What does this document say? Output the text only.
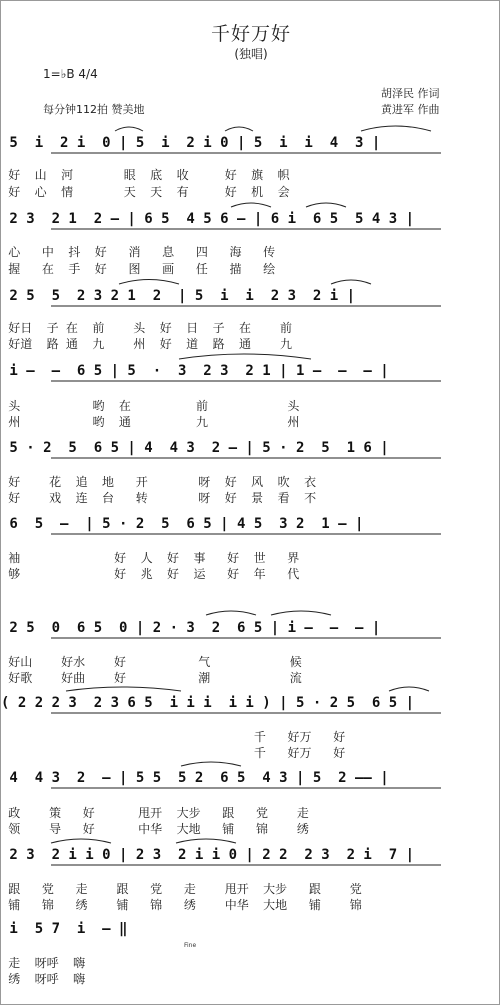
千好万好
(独唱)
1=♭B 4/4
胡泽民 作词
每分钟112拍 赞美地	黄进军 作曲
5  i  2 i  0 | 5  i  2 i 0 | 5  i  i  4  3 |
好  山  河       眼  底  收     好  旗  帜
好  心  情       天  天  有     好  机  会
2 3  2 1  2 — | 6 5  4 5 6 — | 6 i  6 5  5 4 3 |
心   中  抖  好   消   息   四   海   传
握   在  手  好   图   画   任   描   绘
2 5  5  2 3 2 1  2  | 5  i  i  2 3  2 i |
好日  子 在  前    头  好  日  子  在    前
好道  路 通  九    州  好  道  路  通    九
i —  —  6 5 | 5  ·  3  2 3  2 1 | 1 —  —  — |
头          哟  在         前           头
州          哟  通         九           州
5 · 2  5  6 5 | 4  4 3  2 — | 5 · 2  5  1 6 |
好    花  追  地   开       呀  好  风  吹  衣
好    戏  连  台   转       呀  好  景  看  不
6  5  —  | 5 · 2  5  6 5 | 4 5  3 2  1 — |
袖             好  人  好  事   好  世   界
够             好  兆  好  运   好  年   代
2 5  0  6 5  0 | 2 · 3  2  6 5 | i —  —  — |
好山    好水    好          气           候
好歌    好曲    好          潮           流
( 2 2 2 3  2 3 6 5  i i i  i i ) | 5 · 2 5  6 5 |
千   好万   好
千   好万   好
4  4 3  2  — | 5 5  5 2  6 5  4 3 | 5  2 —— |
政    策   好      甩开  大步   跟   党    走
领    导   好      中华  大地   铺   锦    绣
2 3  2 i i 0 | 2 3  2 i i 0 | 2 2  2 3  2 i  7 |
跟   党   走    跟   党   走    甩开  大步   跟    党
铺   锦   绣    铺   锦   绣    中华  大地   铺    锦
i  5 7  i  — ‖
Fine
走  呀呼  嗨
绣  呀呼  嗨
